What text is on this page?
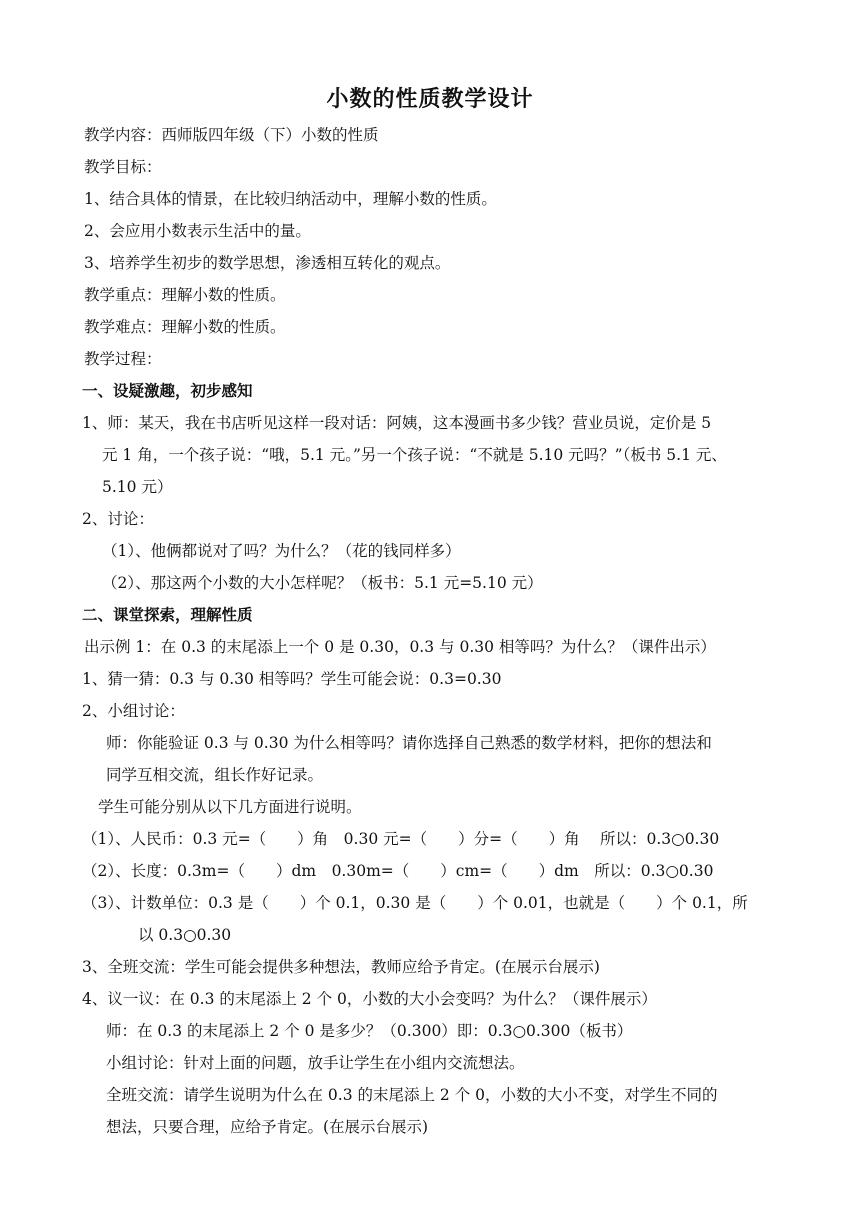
小数的性质教学设计
教学内容：西师版四年级（下）小数的性质
教学目标：
1、结合具体的情景，在比较归纳活动中，理解小数的性质。
2、会应用小数表示生活中的量。
3、培养学生初步的数学思想，渗透相互转化的观点。
教学重点：理解小数的性质。
教学难点：理解小数的性质。
教学过程：
一、设疑激趣，初步感知
1、师：某天，我在书店听见这样一段对话：阿姨，这本漫画书多少钱？营业员说，定价是 5
元 1 角，一个孩子说：“哦，5.1 元。”另一个孩子说：“不就是 5.10 元吗？”（板书 5.1 元、
5.10 元）
2、讨论：
（1）、他俩都说对了吗？为什么？（花的钱同样多）
（2）、那这两个小数的大小怎样呢？（板书：5.1 元=5.10 元）
二、课堂探索，理解性质
出示例 1：在 0.3 的末尾添上一个 0 是 0.30，0.3 与 0.30 相等吗？为什么？（课件出示）
1、猜一猜：0.3 与 0.30 相等吗？学生可能会说：0.3=0.30
2、小组讨论：
师：你能验证 0.3 与 0.30 为什么相等吗？请你选择自己熟悉的数学材料，把你的想法和
同学互相交流，组长作好记录。
学生可能分别从以下几方面进行说明。
（1）、人民币：0.3 元=（　　）角　0.30 元=（　　）分=（　　）角　 所以：0.3○0.30
（2）、长度：0.3m=（　　）dm　0.30m=（　　）cm=（　　）dm　所以：0.3○0.30
（3）、计数单位：0.3 是（　　）个 0.1，0.30 是（　　）个 0.01，也就是（　　）个 0.1，所
以 0.3○0.30
3、全班交流：学生可能会提供多种想法，教师应给予肯定。(在展示台展示)
4、议一议：在 0.3 的末尾添上 2 个 0，小数的大小会变吗？为什么？（课件展示）
师：在 0.3 的末尾添上 2 个 0 是多少？（0.300）即：0.3○0.300（板书）
小组讨论：针对上面的问题，放手让学生在小组内交流想法。
全班交流：请学生说明为什么在 0.3 的末尾添上 2 个 0，小数的大小不变，对学生不同的
想法，只要合理，应给予肯定。(在展示台展示)
